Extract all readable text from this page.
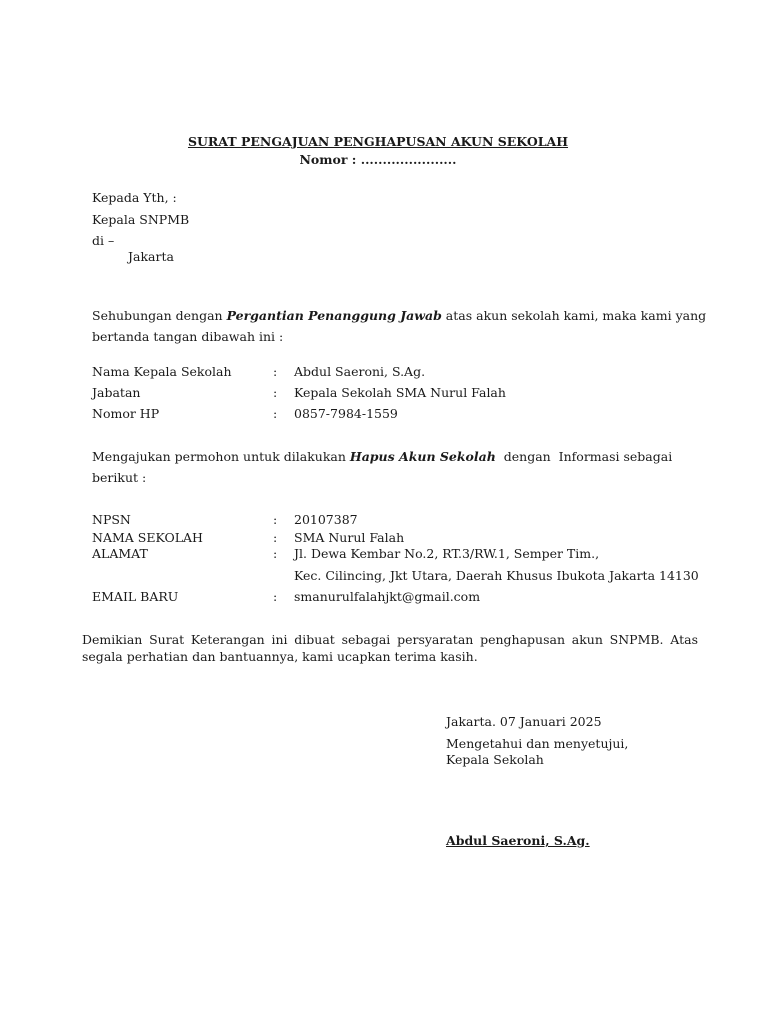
SURAT PENGAJUAN PENGHAPUSAN AKUN SEKOLAH
Nomor : ......................
Kepada Yth, :
Kepala SNPMB
di –
Jakarta
Sehubungan dengan Pergantian Penanggung Jawab atas akun sekolah kami, maka kami yang
bertanda tangan dibawah ini :
Nama Kepala Sekolah	: Abdul Saeroni, S.Ag.
Jabatan	: Kepala Sekolah SMA Nurul Falah
Nomor HP	: 0857-7984-1559
Mengajukan permohon untuk dilakukan Hapus Akun Sekolah  dengan  Informasi sebagai
berikut :
NPSN	: 20107387
NAMA SEKOLAH	: SMA Nurul Falah
ALAMAT	: Jl. Dewa Kembar No.2, RT.3/RW.1, Semper Tim.,
Kec. Cilincing, Jkt Utara, Daerah Khusus Ibukota Jakarta 14130
EMAIL BARU	: smanurulfalahjkt@gmail.com
Demikian Surat Keterangan ini dibuat sebagai persyaratan penghapusan akun SNPMB. Atas segala perhatian dan bantuannya, kami ucapkan terima kasih.
Jakarta. 07 Januari 2025
Mengetahui dan menyetujui,
Kepala Sekolah
Abdul Saeroni, S.Ag.
